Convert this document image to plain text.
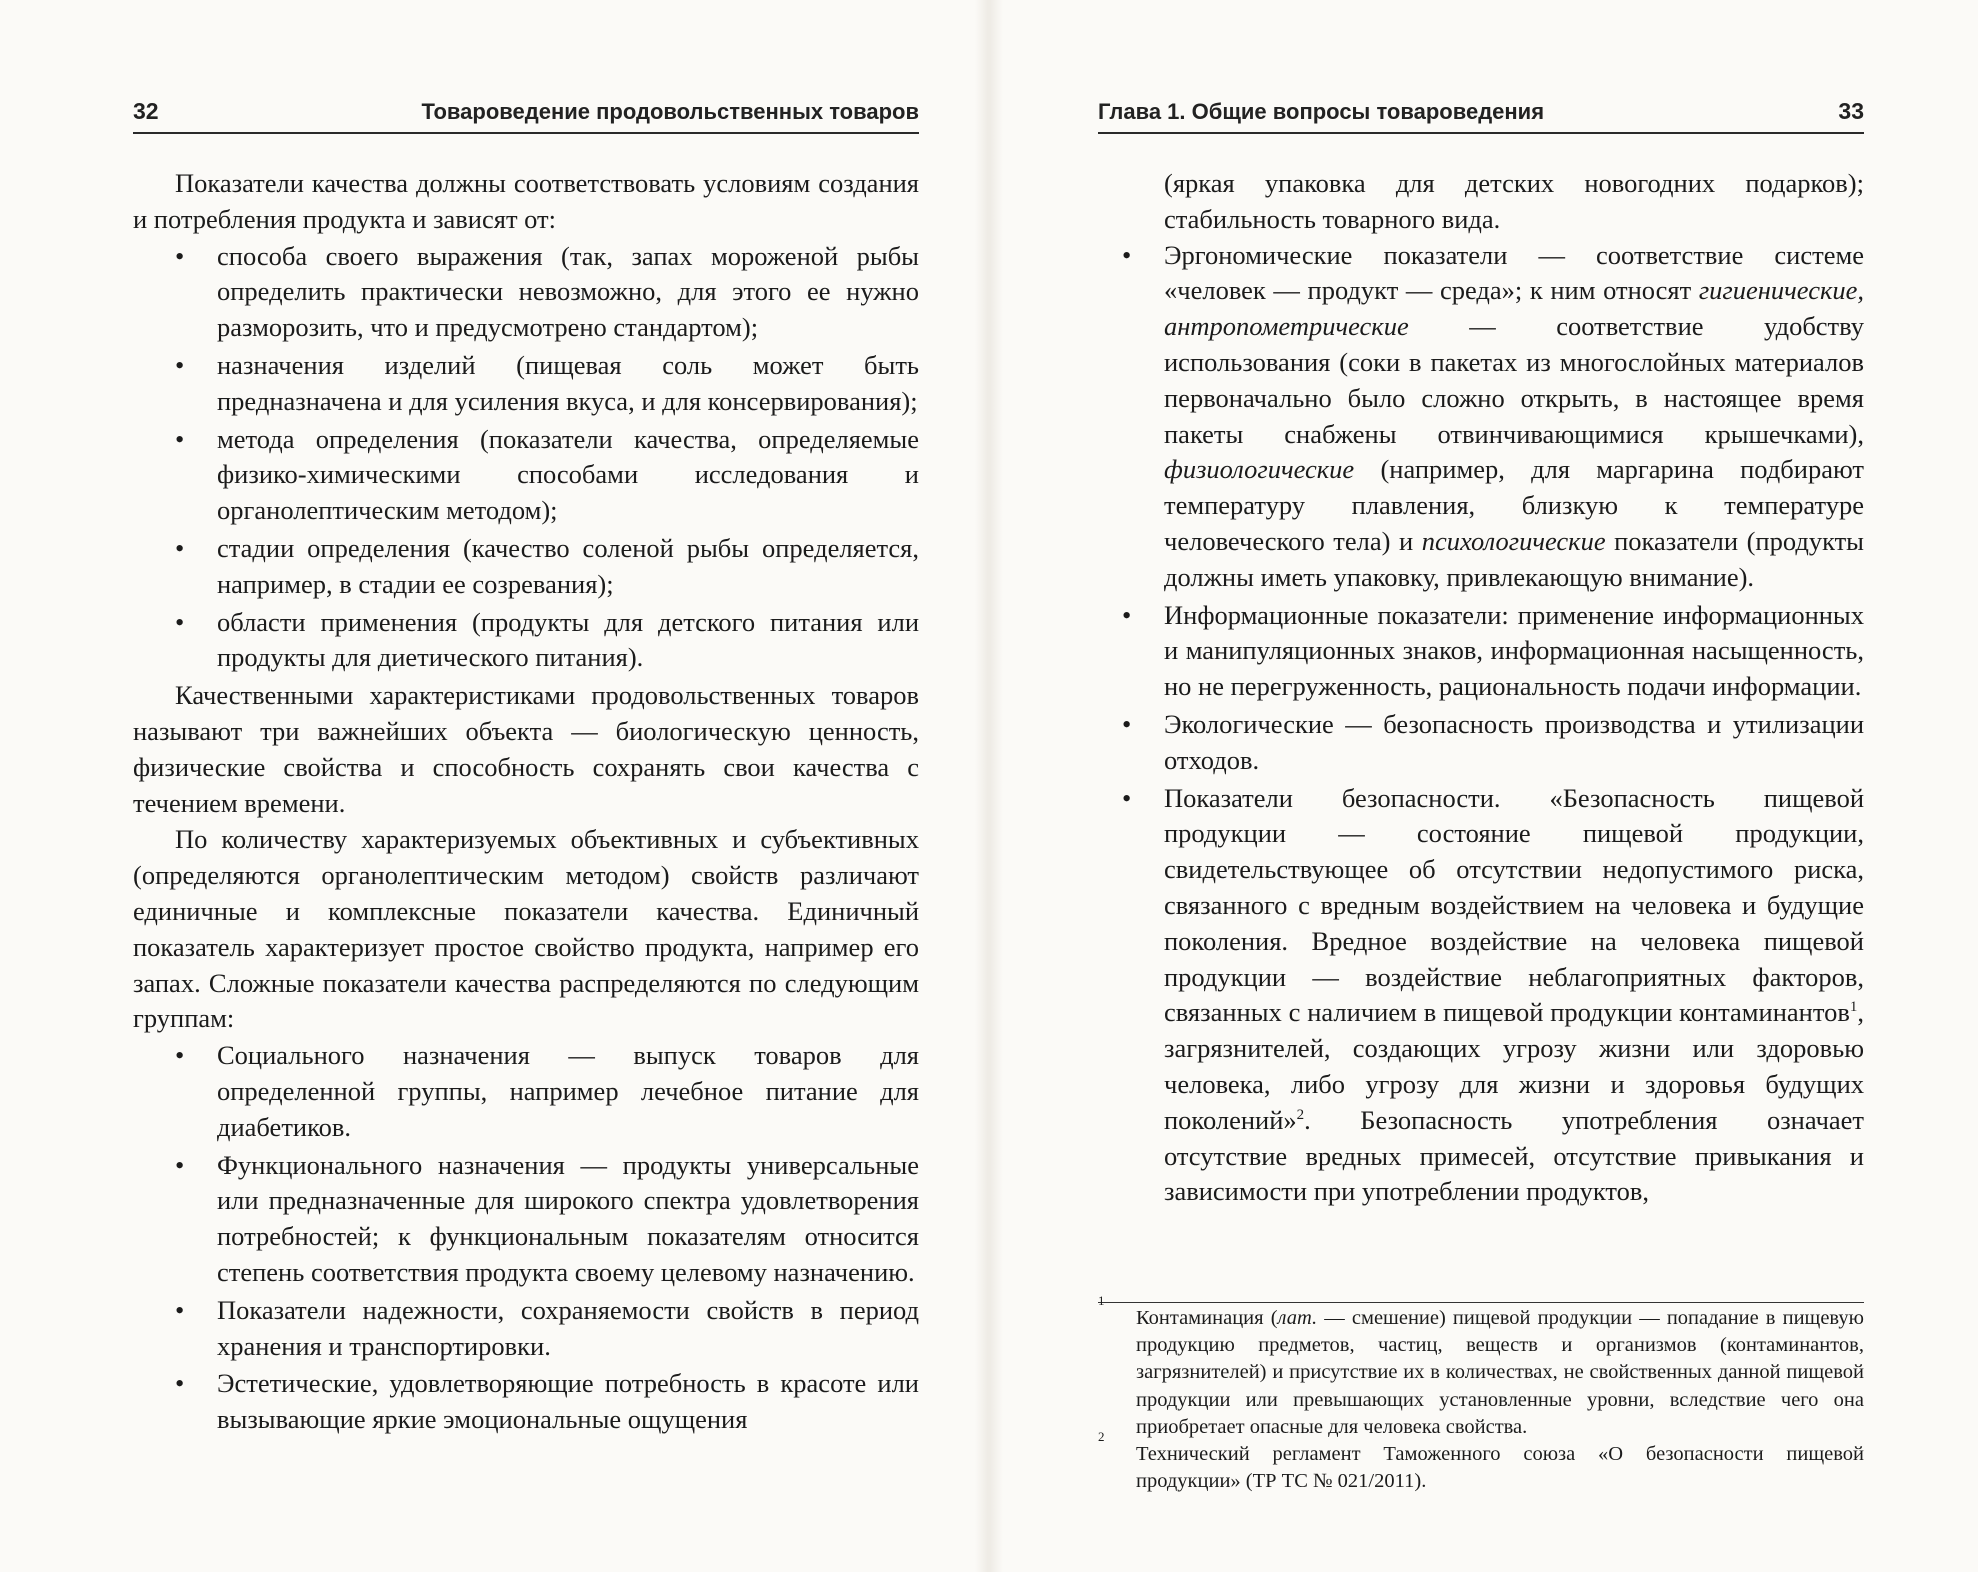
32	Товароведение продовольственных товаров

Показатели качества должны соответствовать условиям создания и потребления продукта и зависят от:

• способа своего выражения (так, запах мороженой рыбы определить практически невозможно, для этого ее нужно разморозить, что и предусмотрено стандартом);
• назначения изделий (пищевая соль может быть предназначена и для усиления вкуса, и для консервирования);
• метода определения (показатели качества, определяемые физико-химическими способами исследования и органолептическим методом);
• стадии определения (качество соленой рыбы определяется, например, в стадии ее созревания);
• области применения (продукты для детского питания или продукты для диетического питания).

Качественными характеристиками продовольственных товаров называют три важнейших объекта — биологическую ценность, физические свойства и способность сохранять свои качества с течением времени.

По количеству характеризуемых объективных и субъективных (определяются органолептическим методом) свойств различают единичные и комплексные показатели качества. Единичный показатель характеризует простое свойство продукта, например его запах. Сложные показатели качества распределяются по следующим группам:

• Социального назначения — выпуск товаров для определенной группы, например лечебное питание для диабетиков.
• Функционального назначения — продукты универсальные или предназначенные для широкого спектра удовлетворения потребностей; к функциональным показателям относится степень соответствия продукта своему целевому назначению.
• Показатели надежности, сохраняемости свойств в период хранения и транспортировки.
• Эстетические, удовлетворяющие потребность в красоте или вызывающие яркие эмоциональные ощущения
Глава 1. Общие вопросы товароведения	33
(яркая упаковка для детских новогодних подарков); стабильность товарного вида.
• Эргономические показатели — соответствие системе «человек — продукт — среда»; к ним относят гигиенические, антропометрические — соответствие удобству использования (соки в пакетах из многослойных материалов первоначально было сложно открыть, в настоящее время пакеты снабжены отвинчивающимися крышечками), физиологические (например, для маргарина подбирают температуру плавления, близкую к температуре человеческого тела) и психологические показатели (продукты должны иметь упаковку, привлекающую внимание).
• Информационные показатели: применение информационных и манипуляционных знаков, информационная насыщенность, но не перегруженность, рациональность подачи информации.
• Экологические — безопасность производства и утилизации отходов.
• Показатели безопасности. «Безопасность пищевой продукции — состояние пищевой продукции, свидетельствующее об отсутствии недопустимого риска, связанного с вредным воздействием на человека и будущие поколения. Вредное воздействие на человека пищевой продукции — воздействие неблагоприятных факторов, связанных с наличием в пищевой продукции контаминантов$^1$, загрязнителей, создающих угрозу жизни или здоровью человека, либо угрозу для жизни и здоровья будущих поколений»$^2$. Безопасность употребления означает отсутствие вредных примесей, отсутствие привыкания и зависимости при употреблении продуктов,
1
Контаминация (лат. — смешение) пищевой продукции — попадание в пищевую продукцию предметов, частиц, веществ и организмов (контаминантов, загрязнителей) и присутствие их в количествах, не свойственных данной пищевой продукции или превышающих установленные уровни, вследствие чего она приобретает опасные для человека свойства.
2
Технический регламент Таможенного союза «О безопасности пищевой продукции» (ТР ТС № 021/2011).
